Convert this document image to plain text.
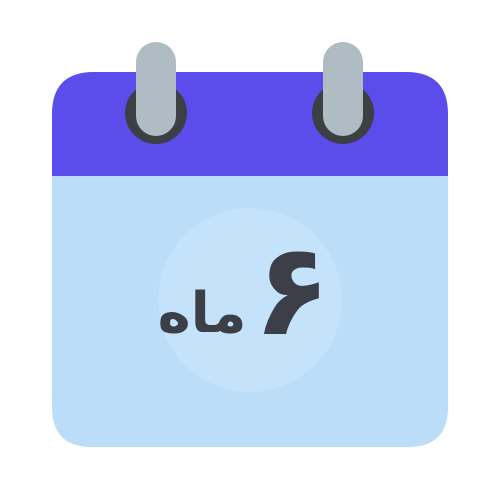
۶
ماه
